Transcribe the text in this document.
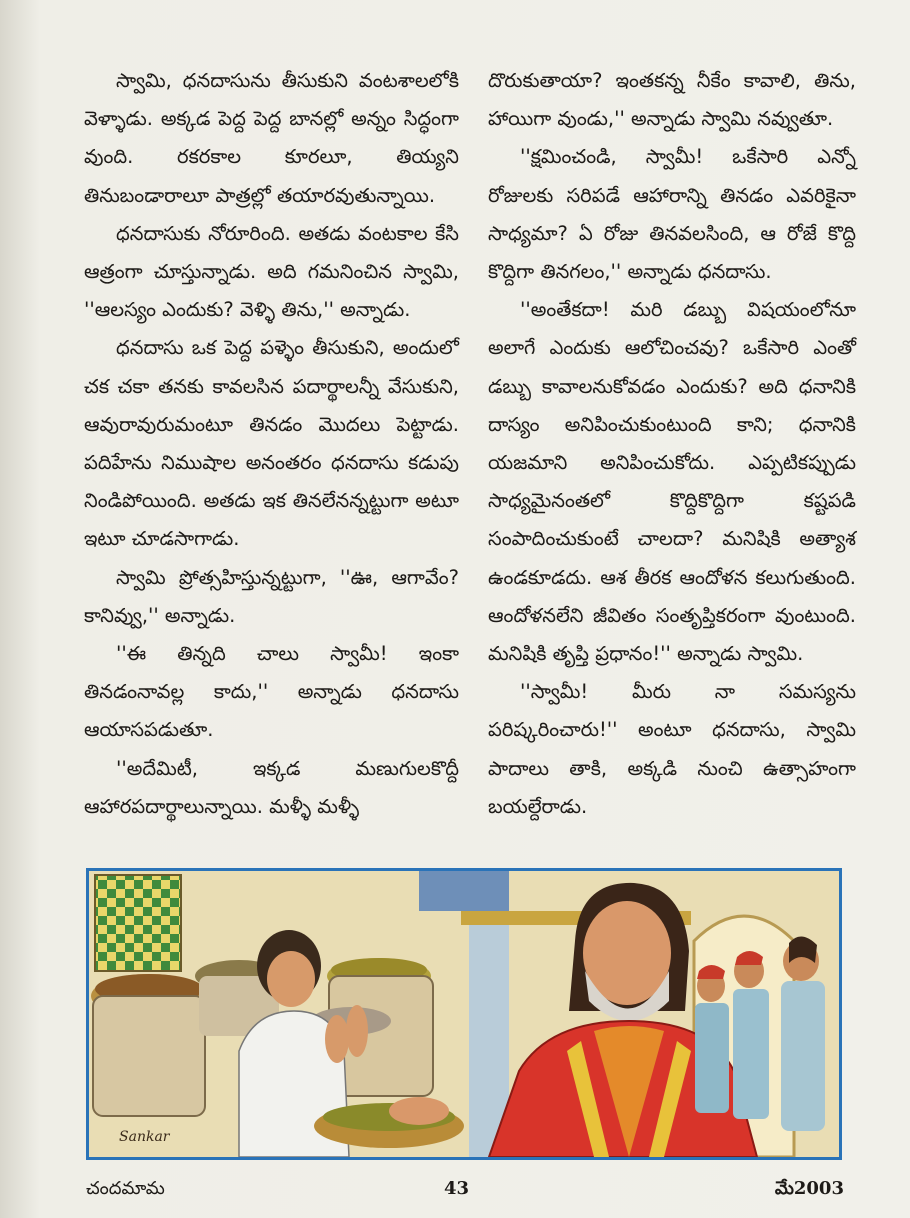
స్వామి, ధనదాసును తీసుకుని వంటశాలలోకి వెళ్ళాడు. అక్కడ పెద్ద పెద్ద బానల్లో అన్నం సిద్ధంగా వుంది. రకరకాల కూరలూ, తియ్యని తినుబండారాలూ పాత్రల్లో తయారవుతున్నాయి.

ధనదాసుకు నోరూరింది. అతడు వంటకాల కేసి ఆత్రంగా చూస్తున్నాడు. అది గమనించిన స్వామి, ''ఆలస్యం ఎందుకు? వెళ్ళి తిను,'' అన్నాడు.

ధనదాసు ఒక పెద్ద పళ్ళెం తీసుకుని, అందులో చక చకా తనకు కావలసిన పదార్థాలన్నీ వేసుకుని, ఆవురావురుమంటూ తినడం మొదలు పెట్టాడు. పదిహేను నిముషాల అనంతరం ధనదాసు కడుపు నిండిపోయింది. అతడు ఇక తినలేనన్నట్టుగా అటూ ఇటూ చూడసాగాడు.

స్వామి ప్రోత్సహిస్తున్నట్టుగా, ''ఊ, ఆగావేం? కానివ్వు,'' అన్నాడు.

''ఈ తిన్నది చాలు స్వామీ! ఇంకా తినడంనావల్ల కాదు,'' అన్నాడు ధనదాసు ఆయాసపడుతూ.

''అదేమిటీ, ఇక్కడ మణుగులకొద్దీ ఆహారపదార్థాలున్నాయి. మళ్ళీ మళ్ళీ

దొరుకుతాయా? ఇంతకన్న నీకేం కావాలి, తిను, హాయిగా వుండు,'' అన్నాడు స్వామి నవ్వుతూ.

''క్షమించండి, స్వామీ! ఒకేసారి ఎన్నో రోజులకు సరిపడే ఆహారాన్ని తినడం ఎవరికైనా సాధ్యమా? ఏ రోజు తినవలసింది, ఆ రోజే కొద్ది కొద్దిగా తినగలం,'' అన్నాడు ధనదాసు.

''అంతేకదా! మరి డబ్బు విషయంలోనూ అలాగే ఎందుకు ఆలోచించవు? ఒకేసారి ఎంతో డబ్బు కావాలనుకోవడం ఎందుకు? అది ధనానికి దాస్యం అనిపించుకుంటుంది కాని; ధనానికి యజమాని అనిపించుకోదు. ఎప్పటికప్పుడు సాధ్యమైనంతలో కొద్దికొద్దిగా కష్టపడి సంపాదించుకుంటే చాలదా? మనిషికి అత్యాశ ఉండకూడదు. ఆశ తీరక ఆందోళన కలుగుతుంది. ఆందోళనలేని జీవితం సంతృప్తికరంగా వుంటుంది. మనిషికి తృప్తి ప్రధానం!'' అన్నాడు స్వామి.

''స్వామీ! మీరు నా సమస్యను పరిష్కరించారు!'' అంటూ ధనదాసు, స్వామి పాదాలు తాకి, అక్కడి నుంచి ఉత్సాహంగా బయల్దేరాడు.

Sankar
చందమామ	43	మే2003
